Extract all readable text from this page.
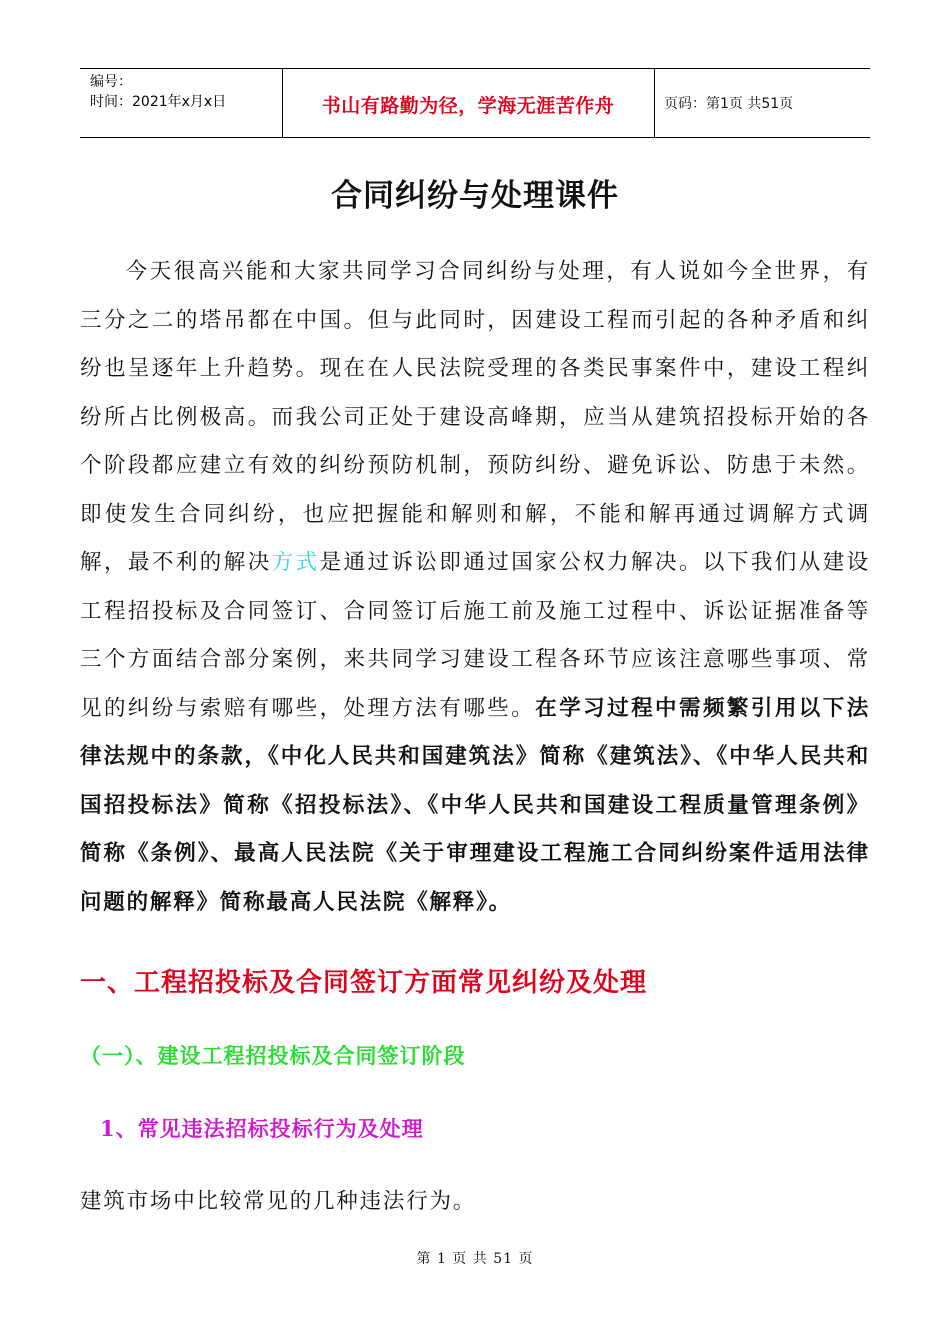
编号：
时间：2021年x月x日	书山有路勤为径，学海无涯苦作舟	页码：第1页 共51页
合同纠纷与处理课件
今天很高兴能和大家共同学习合同纠纷与处理，有人说如今全世界，有三分之二的塔吊都在中国。但与此同时，因建设工程而引起的各种矛盾和纠纷也呈逐年上升趋势。现在在人民法院受理的各类民事案件中，建设工程纠纷所占比例极高。而我公司正处于建设高峰期，应当从建筑招投标开始的各个阶段都应建立有效的纠纷预防机制，预防纠纷、避免诉讼、防患于未然。即使发生合同纠纷，也应把握能和解则和解，不能和解再通过调解方式调解，最不利的解决方式是通过诉讼即通过国家公权力解决。以下我们从建设工程招投标及合同签订、合同签订后施工前及施工过程中、诉讼证据准备等三个方面结合部分案例，来共同学习建设工程各环节应该注意哪些事项、常见的纠纷与索赔有哪些，处理方法有哪些。在学习过程中需频繁引用以下法律法规中的条款，《中化人民共和国建筑法》简称《建筑法》、《中华人民共和国招投标法》简称《招投标法》、《中华人民共和国建设工程质量管理条例》简称《条例》、最高人民法院《关于审理建设工程施工合同纠纷案件适用法律问题的解释》简称最高人民法院《解释》。
一、工程招投标及合同签订方面常见纠纷及处理
（一）、建设工程招投标及合同签订阶段
1、常见违法招标投标行为及处理
建筑市场中比较常见的几种违法行为。
第 1 页 共 51 页
